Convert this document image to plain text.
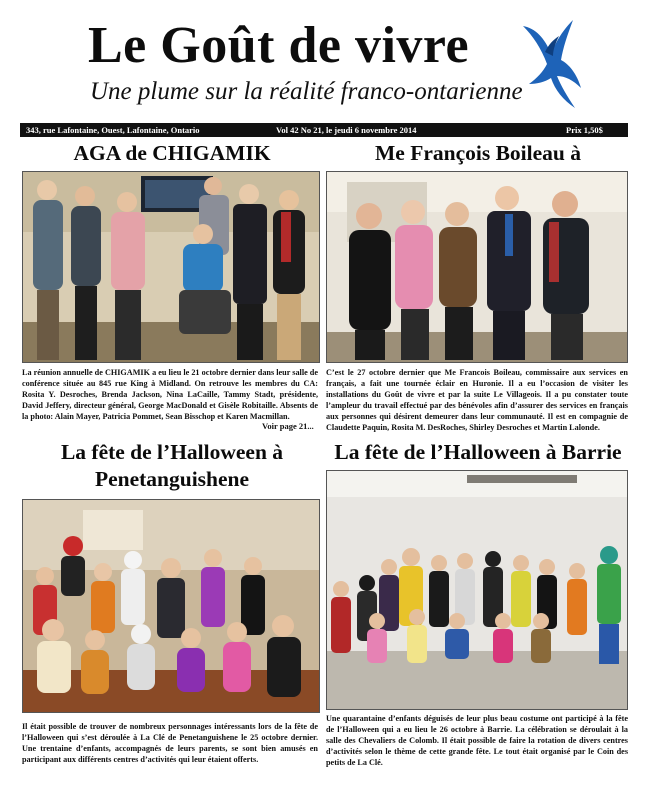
Le Goût de vivre
Une plume sur la réalité franco-ontarienne
343, rue Lafontaine, Ouest, Lafontaine, Ontario	Vol 42 No 21, le jeudi 6 novembre 2014	Prix 1,50$
AGA de CHIGAMIK
La réunion annuelle de CHIGAMIK a eu lieu le 21 octobre dernier dans leur salle de conférence située au 845 rue King à Midland. On retrouve les membres du CA: Rosita Y. Desroches, Brenda Jackson, Nina LaCaille, Tammy Stadt, présidente, David Jeffery, directeur général, George MacDonald et Gisèle Robitaille. Absents de la photo: Alain Mayer, Patricia Pommet, Sean Bisschop et Karen Macmillan.
Voir page 21...
Me François Boileau à
C’est le 27 octobre dernier que Me Francois Boileau, commissaire aux services en français, a fait une tournée éclair en Huronie. Il a eu l’occasion de visiter les installations du Goût de vivre et par la suite Le Villageois. Il a pu constater toute l’ampleur du travail effectué par des bénévoles afin d’assurer des services en français aux personnes qui désirent demeurer dans leur communauté. Il est en compagnie de Claudette Paquin, Rosita M. DesRoches, Shirley Desroches et Martin Lalonde.
La fête de l’Halloween à Penetanguishene
Il était possible de trouver de nombreux personnages intéressants lors de la fête de l’Halloween qui s’est déroulée à La Clé de Penetanguishene le 25 octobre dernier. Une trentaine d’enfants, accompagnés de leurs parents, se sont bien amusés en participant aux différents centres d’activités qui leur étaient offerts.
La fête de l’Halloween à Barrie
Une quarantaine d’enfants déguisés de leur plus beau costume ont participé à la fête de l’Halloween qui a eu lieu le 26 octobre à Barrie. La célébration se déroulait à la salle des Chevaliers de Colomb. Il était possible de faire la rotation de divers centres d’activités selon le thème de cette grande fête. Le tout était organisé par le Coin des petits de La Clé.
